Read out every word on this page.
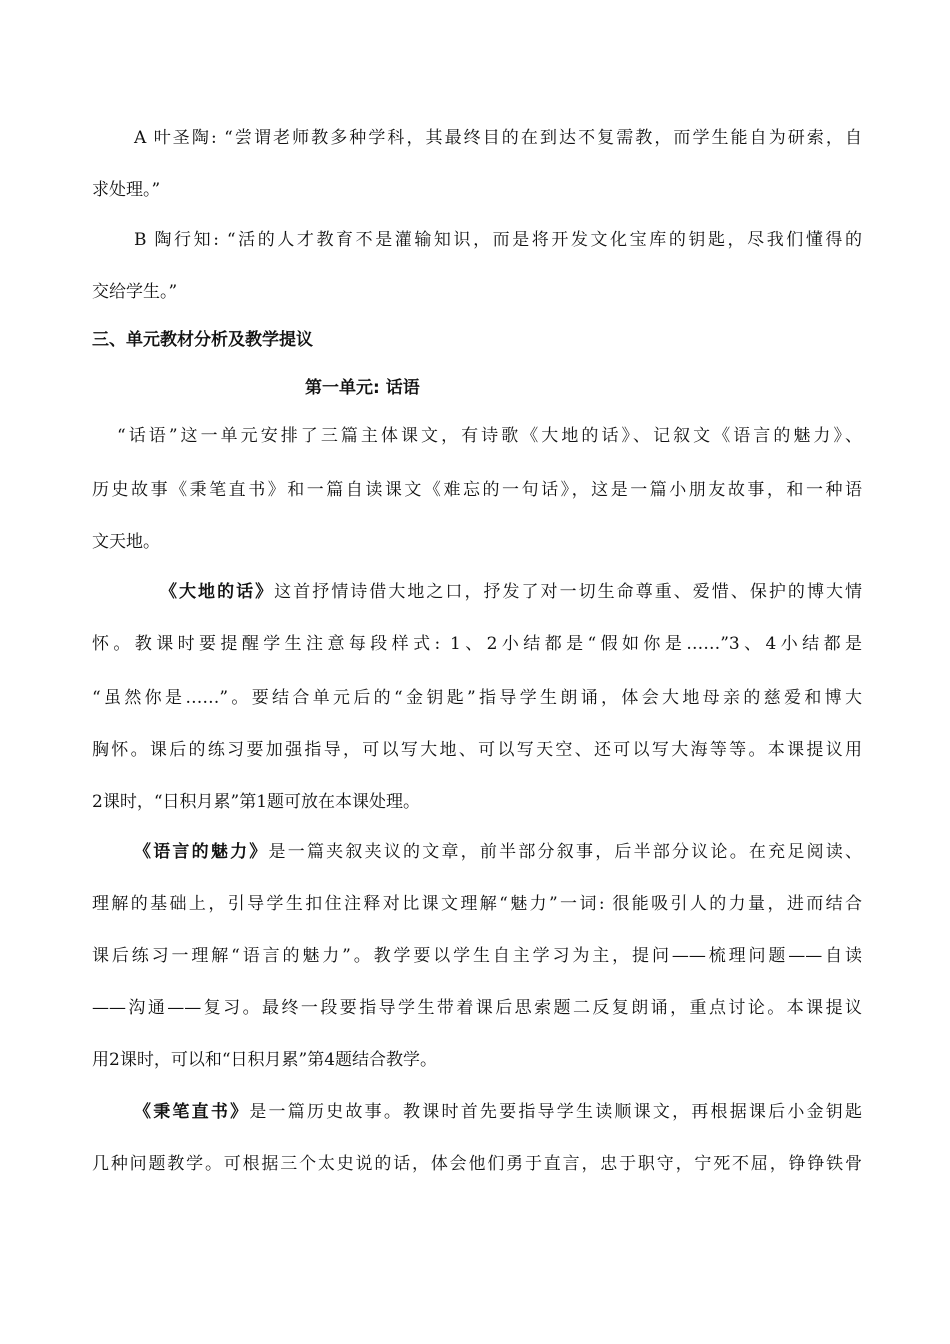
A 叶圣陶: “尝谓老师教多种学科，其最终目的在到达不复需教，而学生能自为研索，自
求处理。”
B 陶行知: “活的人才教育不是灌输知识，而是将开发文化宝库的钥匙，尽我们懂得的
交给学生。”
三、单元教材分析及教学提议
第一单元: 话语
“话语”这一单元安排了三篇主体课文，有诗歌《大地的话》、记叙文《语言的魅力》、
历史故事《秉笔直书》和一篇自读课文《难忘的一句话》，这是一篇小朋友故事，和一种语
文天地。
《大地的话》这首抒情诗借大地之口，抒发了对一切生命尊重、爱惜、保护的博大情
怀。教课时要提醒学生注意每段样式: 1、2小结都是“假如你是……”3、4小结都是
“虽然你是……”。要结合单元后的“金钥匙”指导学生朗诵，体会大地母亲的慈爱和博大
胸怀。课后的练习要加强指导，可以写大地、可以写天空、还可以写大海等等。本课提议用
2课时，“日积月累”第1题可放在本课处理。
《语言的魅力》是一篇夹叙夹议的文章，前半部分叙事，后半部分议论。在充足阅读、
理解的基础上，引导学生扣住注释对比课文理解“魅力”一词: 很能吸引人的力量，进而结合
课后练习一理解“语言的魅力”。教学要以学生自主学习为主，提问——梳理问题——自读
——沟通——复习。最终一段要指导学生带着课后思索题二反复朗诵，重点讨论。本课提议
用2课时，可以和“日积月累”第4题结合教学。
《秉笔直书》是一篇历史故事。教课时首先要指导学生读顺课文，再根据课后小金钥匙
几种问题教学。可根据三个太史说的话，体会他们勇于直言，忠于职守，宁死不屈，铮铮铁骨
